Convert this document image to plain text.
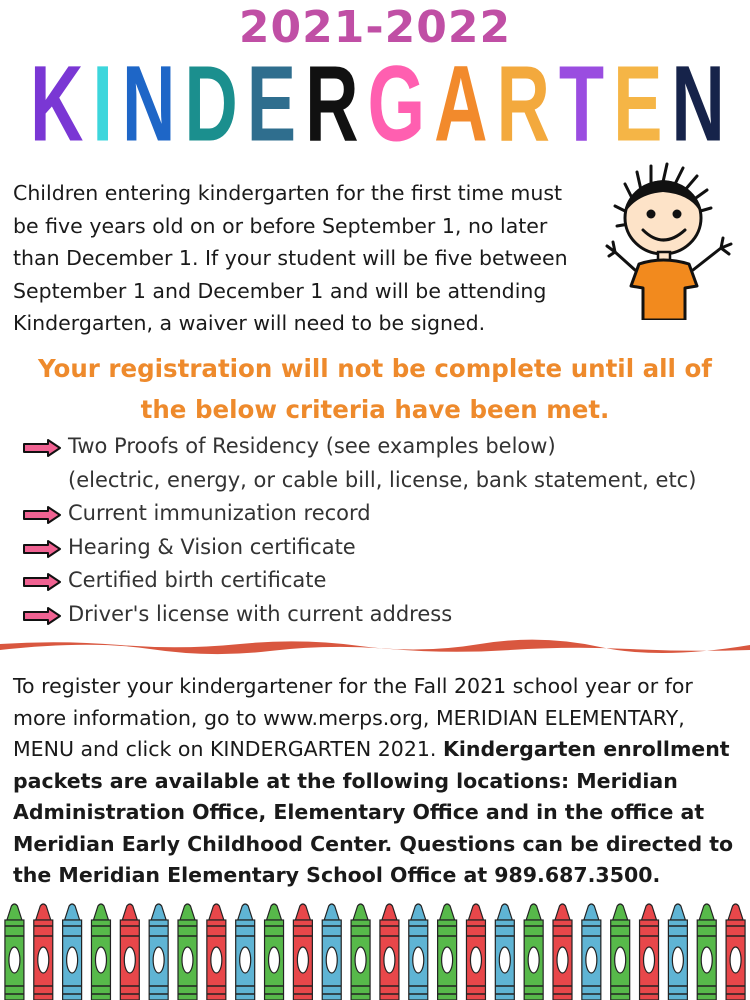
2021-2022
K I N D E R G A R T E N
Children entering kindergarten for the first time must be five years old on or before September 1, no later than December 1. If your student will be five between September 1 and December 1 and will be attending Kindergarten, a waiver will need to be signed.
Your registration will not be complete until all of
the below criteria have been met.
Two Proofs of Residency (see examples below)
(electric, energy, or cable bill, license, bank statement, etc)
Current immunization record
Hearing & Vision certificate
Certified birth certificate
Driver's license with current address
To register your kindergartener for the Fall 2021 school year or for more information, go to www.merps.org, MERIDIAN ELEMENTARY, MENU and click on KINDERGARTEN 2021. Kindergarten enrollment packets are available at the following locations: Meridian Administration Office, Elementary Office and in the office at Meridian Early Childhood Center. Questions can be directed to the Meridian Elementary School Office at 989.687.3500.
